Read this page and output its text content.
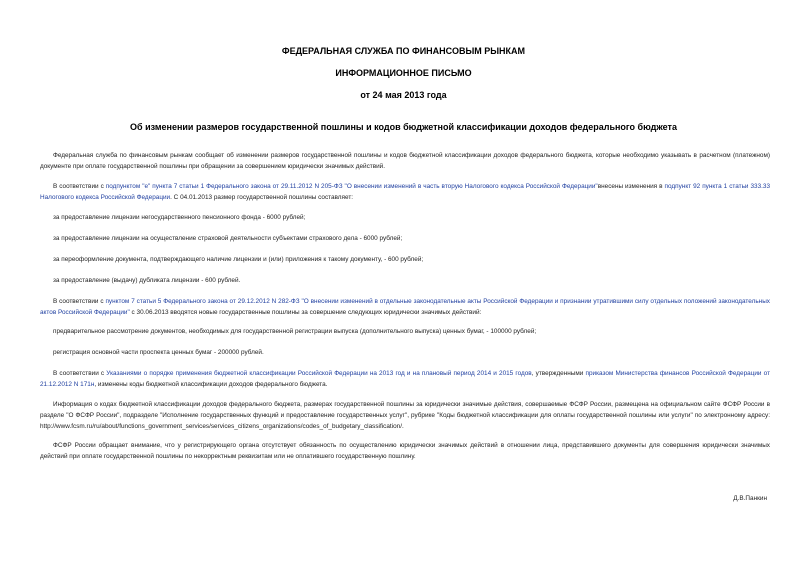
ФЕДЕРАЛЬНАЯ СЛУЖБА ПО ФИНАНСОВЫМ РЫНКАМ
ИНФОРМАЦИОННОЕ ПИСЬМО
от 24 мая 2013 года
Об изменении размеров государственной пошлины и кодов бюджетной классификации доходов федерального бюджета
Федеральная служба по финансовым рынкам сообщает об изменении размеров государственной пошлины и кодов бюджетной классификации доходов федерального бюджета, которые необходимо указывать в расчетном (платежном) документе при оплате государственной пошлины при обращении за совершением юридически значимых действий.
В соответствии с подпунктом "е" пункта 7 статьи 1 Федерального закона от 29.11.2012 N 205-ФЗ "О внесении изменений в часть вторую Налогового кодекса Российской Федерации"внесены изменения в подпункт 92 пункта 1 статьи 333.33 Налогового кодекса Российской Федерации. С 04.01.2013 размер государственной пошлины составляет:
за предоставление лицензии негосударственного пенсионного фонда - 6000 рублей;
за предоставление лицензии на осуществление страховой деятельности субъектами страхового дела - 6000 рублей;
за переоформление документа, подтверждающего наличие лицензии и (или) приложения к такому документу, - 600 рублей;
за предоставление (выдачу) дубликата лицензии - 600 рублей.
В соответствии с пунктом 7 статьи 5 Федерального закона от 29.12.2012 N 282-ФЗ "О внесении изменений в отдельные законодательные акты Российской Федерации и признании утратившими силу отдельных положений законодательных актов Российской Федерации" с 30.06.2013 вводятся новые государственные пошлины за совершение следующих юридически значимых действий:
предварительное рассмотрение документов, необходимых для государственной регистрации выпуска (дополнительного выпуска) ценных бумаг, - 100000 рублей;
регистрация основной части проспекта ценных бумаг - 200000 рублей.
В соответствии с Указаниями о порядке применения бюджетной классификации Российской Федерации на 2013 год и на плановый период 2014 и 2015 годов, утвержденными приказом Министерства финансов Российской Федерации от 21.12.2012 N 171н, изменены коды бюджетной классификации доходов федерального бюджета.
Информация о кодах бюджетной классификации доходов федерального бюджета, размерах государственной пошлины за юридически значимые действия, совершаемые ФСФР России, размещена на официальном сайте ФСФР России в разделе "О ФСФР России", подразделе "Исполнение государственных функций и предоставление государственных услуг", рубрике "Коды бюджетной классификации для оплаты государственной пошлины или услуги" по электронному адресу: http://www.fcsm.ru/ru/about/functions_government_services/services_citizens_organizations/codes_of_budgetary_classification/.
ФСФР России обращает внимание, что у регистрирующего органа отсутствует обязанность по осуществлению юридически значимых действий в отношении лица, представившего документы для совершения юридически значимых действий при оплате государственной пошлины по некорректным реквизитам или не оплатившего государственную пошлину.
Д.В.Панкин
